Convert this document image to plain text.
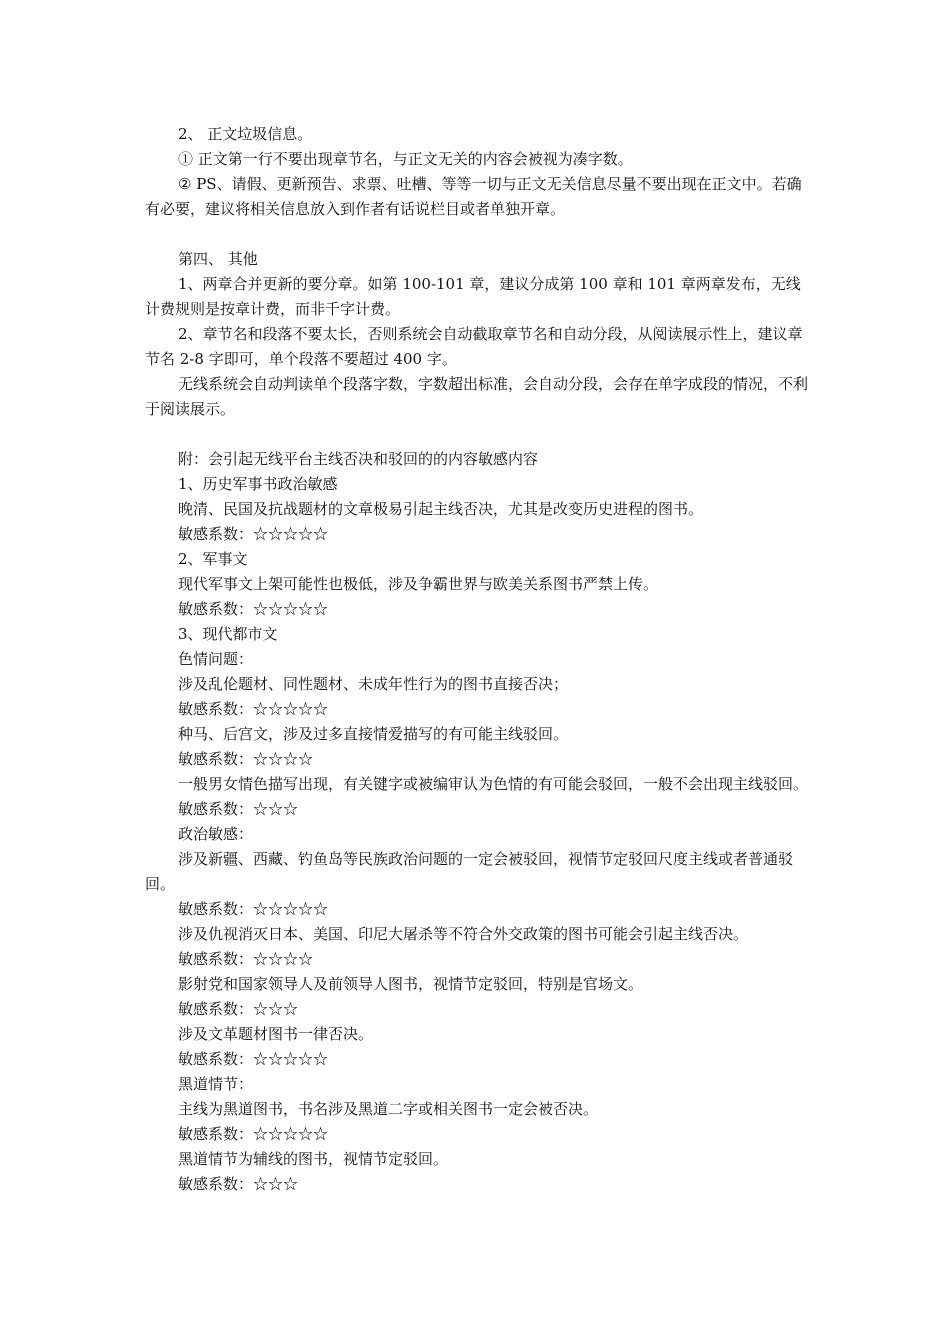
2、 正文垃圾信息。

① 正文第一行不要出现章节名，与正文无关的内容会被视为凑字数。

② PS、请假、更新预告、求票、吐槽、等等一切与正文无关信息尽量不要出现在正文中。若确有必要，建议将相关信息放入到作者有话说栏目或者单独开章。

第四、 其他

1、两章合并更新的要分章。如第 100-101 章，建议分成第 100 章和 101 章两章发布，无线计费规则是按章计费，而非千字计费。

2、章节名和段落不要太长，否则系统会自动截取章节名和自动分段，从阅读展示性上，建议章节名 2-8 字即可，单个段落不要超过 400 字。

无线系统会自动判读单个段落字数，字数超出标准，会自动分段，会存在单字成段的情况，不利于阅读展示。

附：会引起无线平台主线否决和驳回的的内容敏感内容

1、历史军事书政治敏感

晚清、民国及抗战题材的文章极易引起主线否决，尤其是改变历史进程的图书。

敏感系数：☆☆☆☆☆

2、军事文

现代军事文上架可能性也极低，涉及争霸世界与欧美关系图书严禁上传。

敏感系数：☆☆☆☆☆

3、现代都市文

色情问题：

涉及乱伦题材、同性题材、未成年性行为的图书直接否决；

敏感系数：☆☆☆☆☆

种马、后宫文，涉及过多直接情爱描写的有可能主线驳回。

敏感系数：☆☆☆☆

一般男女情色描写出现，有关键字或被编审认为色情的有可能会驳回，一般不会出现主线驳回。

敏感系数：☆☆☆

政治敏感：

涉及新疆、西藏、钓鱼岛等民族政治问题的一定会被驳回，视情节定驳回尺度主线或者普通驳回。

敏感系数：☆☆☆☆☆

涉及仇视消灭日本、美国、印尼大屠杀等不符合外交政策的图书可能会引起主线否决。

敏感系数：☆☆☆☆

影射党和国家领导人及前领导人图书，视情节定驳回，特别是官场文。

敏感系数：☆☆☆

涉及文革题材图书一律否决。

敏感系数：☆☆☆☆☆

黑道情节：

主线为黑道图书，书名涉及黑道二字或相关图书一定会被否决。

敏感系数：☆☆☆☆☆

黑道情节为辅线的图书，视情节定驳回。

敏感系数：☆☆☆
